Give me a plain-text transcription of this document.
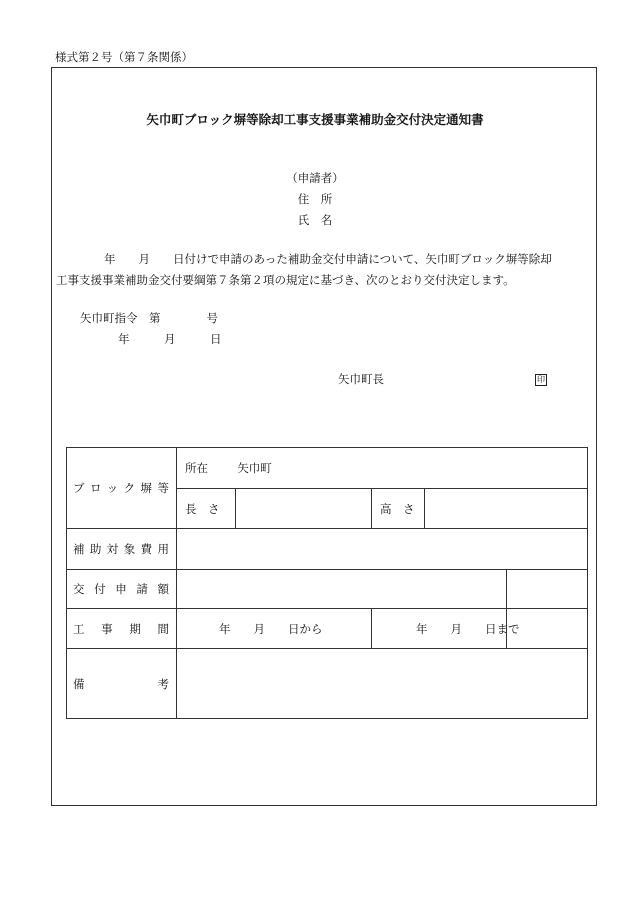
様式第２号（第７条関係）
矢巾町ブロック塀等除却工事支援事業補助金交付決定通知書
（申請者）
住　所
氏　名
年　　月　　日付けで申請のあった補助金交付申請について、矢巾町ブロック塀等除却
工事支援事業補助金交付要綱第７条第２項の規定に基づき、次のとおり交付決定します。
矢巾町指令　第　　　　号
年　　　月　　　日
矢巾町長	印
ブロック塀等	所在 矢巾町				
	長　さ		高　さ		

補助対象費用					

交付申請額					

工事期間	年　　月　　日から		年　　月　　日まで		

備考					
